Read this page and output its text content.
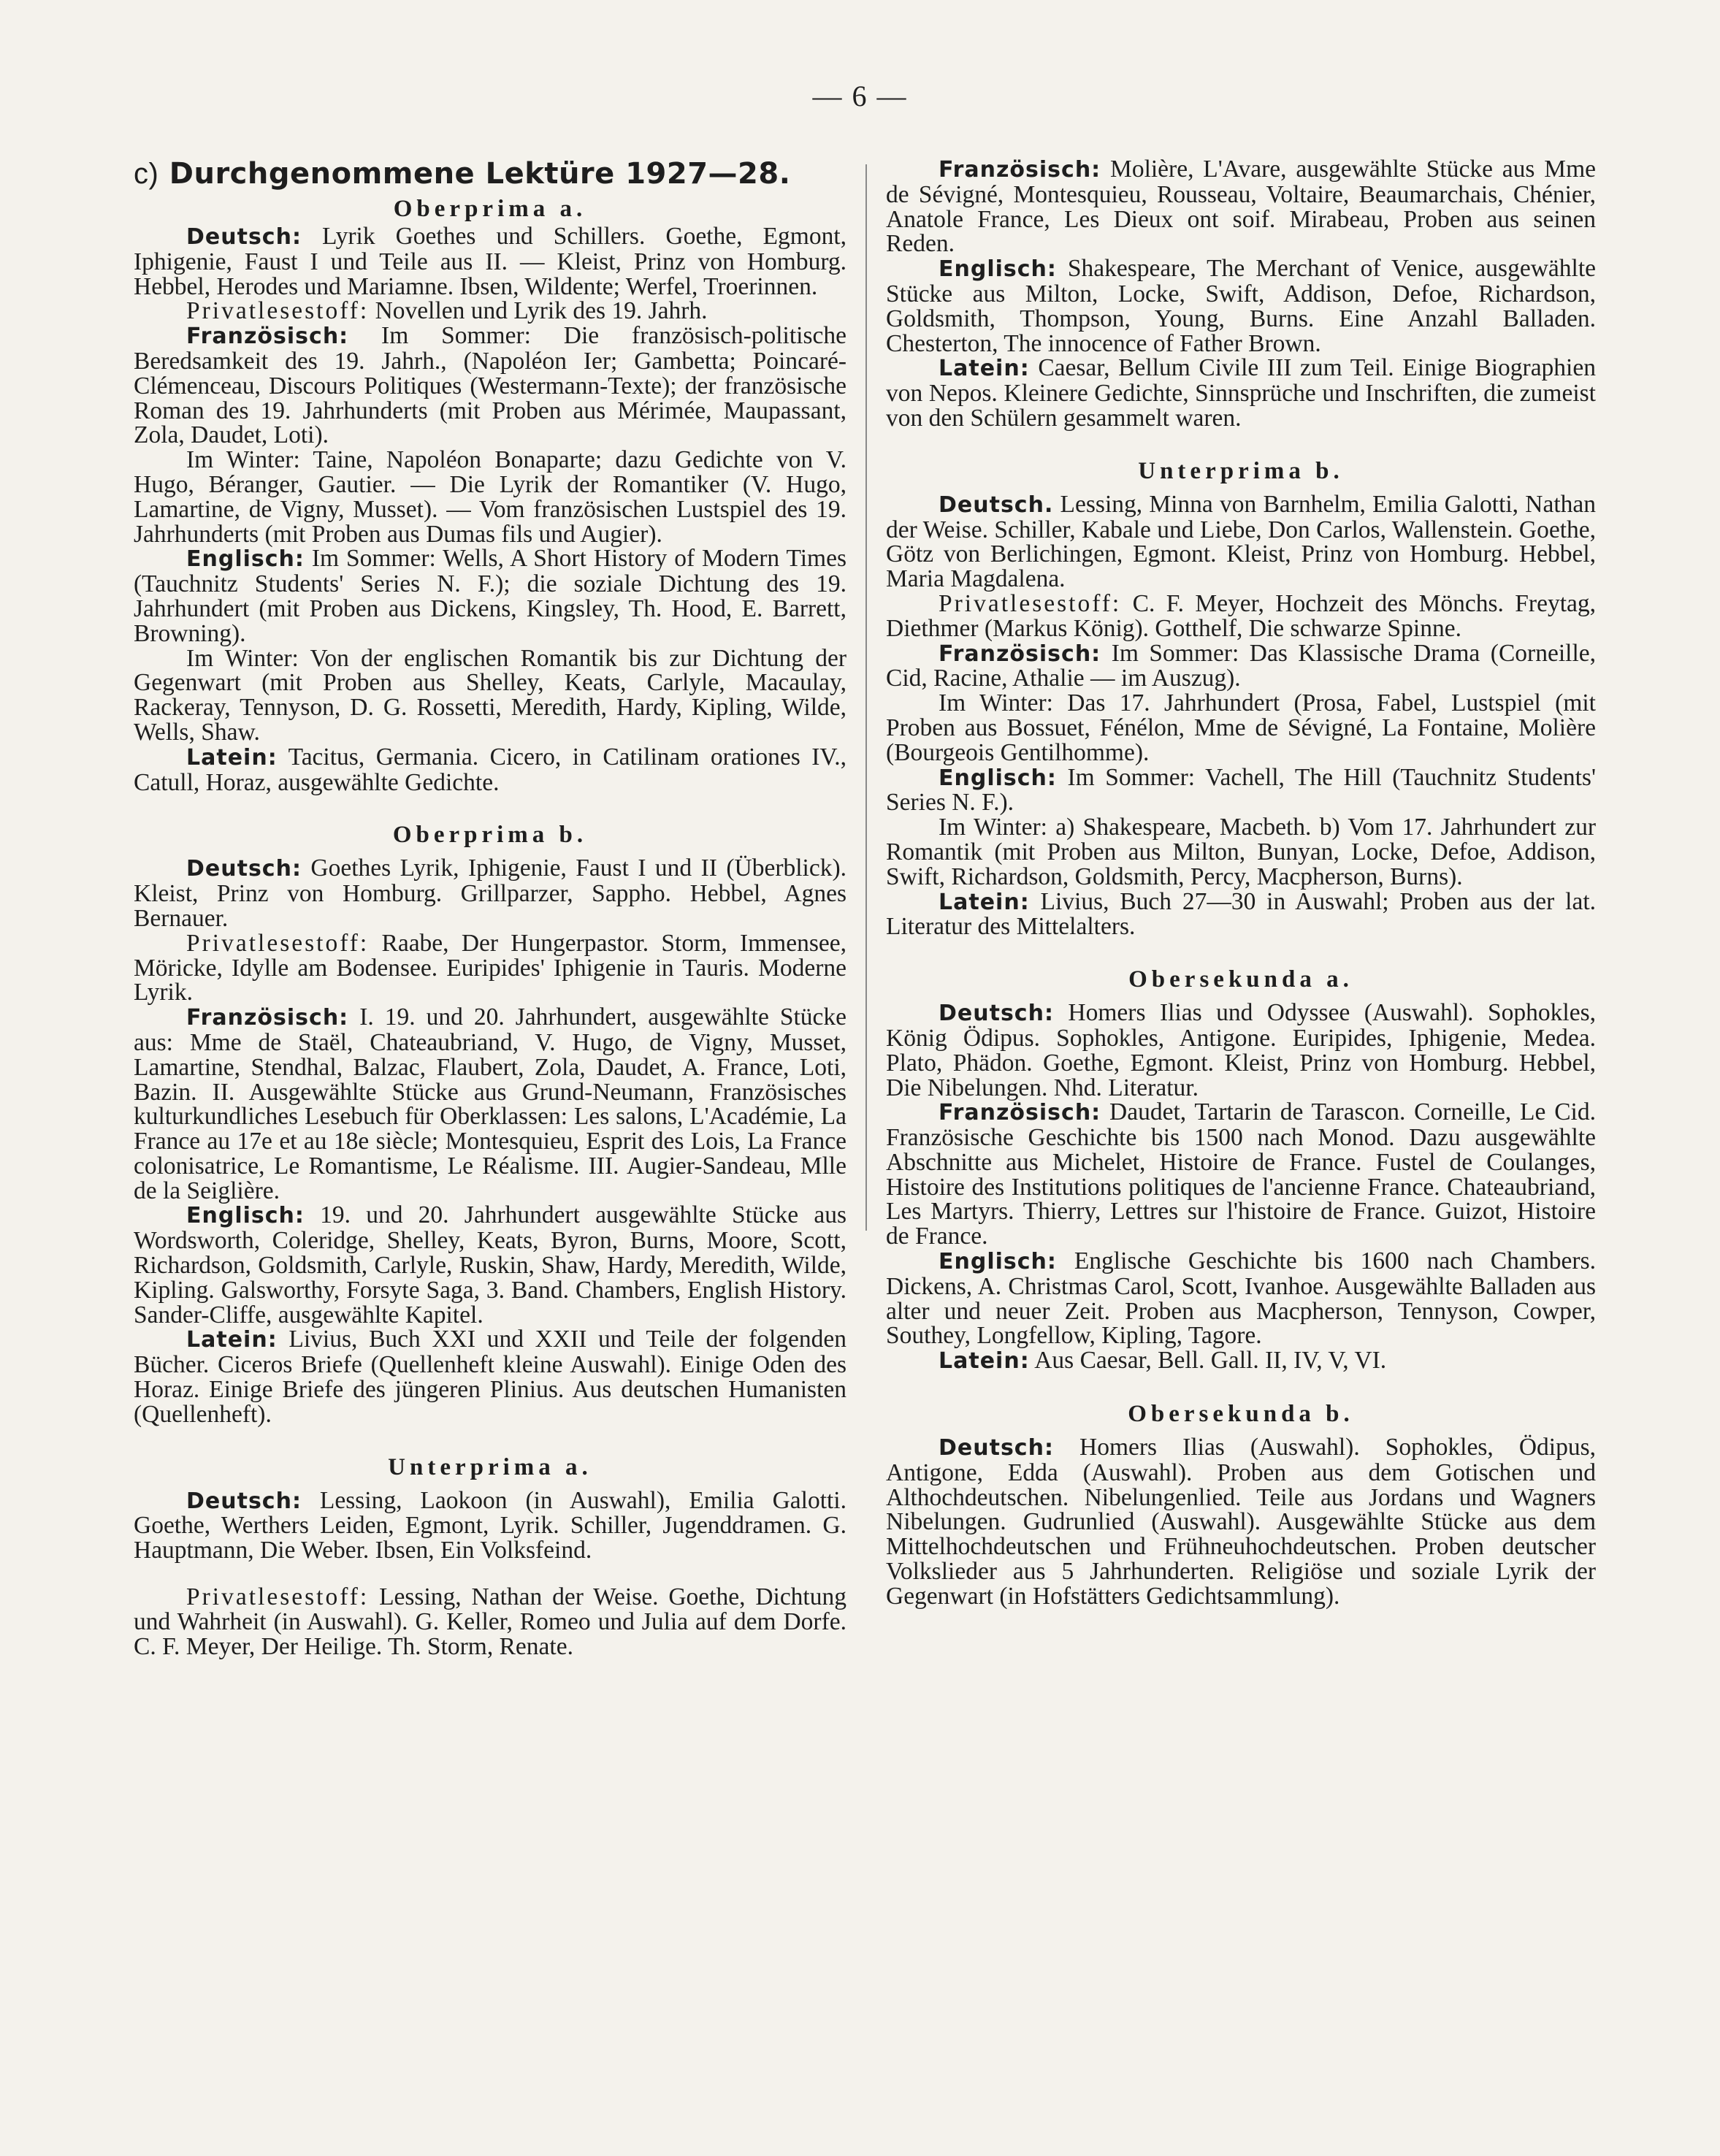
— 6 —
c) Durchgenommene Lektüre 1927—28.
Oberprima a.

Deutsch: Lyrik Goethes und Schillers. Goethe, Egmont, Iphigenie, Faust I und Teile aus II. — Kleist, Prinz von Homburg. Hebbel, Herodes und Mariamne. Ibsen, Wildente; Werfel, Troerinnen.

Privatlesestoff: Novellen und Lyrik des 19. Jahrh.

Französisch: Im Sommer: Die französisch-politische Beredsamkeit des 19. Jahrh., (Napoléon Ier; Gambetta; Poincaré-Clémenceau, Discours Politiques (Westermann-Texte); der französische Roman des 19. Jahrhunderts (mit Proben aus Mérimée, Maupassant, Zola, Daudet, Loti).

Im Winter: Taine, Napoléon Bonaparte; dazu Gedichte von V. Hugo, Béranger, Gautier. — Die Lyrik der Romantiker (V. Hugo, Lamartine, de Vigny, Musset). — Vom französischen Lustspiel des 19. Jahrhunderts (mit Proben aus Dumas fils und Augier).

Englisch: Im Sommer: Wells, A Short History of Modern Times (Tauchnitz Students' Series N. F.); die soziale Dichtung des 19. Jahrhundert (mit Proben aus Dickens, Kingsley, Th. Hood, E. Barrett, Browning).

Im Winter: Von der englischen Romantik bis zur Dichtung der Gegenwart (mit Proben aus Shelley, Keats, Carlyle, Macaulay, Rackeray, Tennyson, D. G. Rossetti, Meredith, Hardy, Kipling, Wilde, Wells, Shaw.

Latein: Tacitus, Germania. Cicero, in Catilinam orationes IV., Catull, Horaz, ausgewählte Gedichte.

Oberprima b.

Deutsch: Goethes Lyrik, Iphigenie, Faust I und II (Überblick). Kleist, Prinz von Homburg. Grillparzer, Sappho. Hebbel, Agnes Bernauer.

Privatlesestoff: Raabe, Der Hungerpastor. Storm, Immensee, Möricke, Idylle am Bodensee. Euripides' Iphigenie in Tauris. Moderne Lyrik.

Französisch: I. 19. und 20. Jahrhundert, ausgewählte Stücke aus: Mme de Staël, Chateaubriand, V. Hugo, de Vigny, Musset, Lamartine, Stendhal, Balzac, Flaubert, Zola, Daudet, A. France, Loti, Bazin. II. Ausgewählte Stücke aus Grund-Neumann, Französisches kulturkundliches Lesebuch für Oberklassen: Les salons, L'Académie, La France au 17e et au 18e siècle; Montesquieu, Esprit des Lois, La France colonisatrice, Le Romantisme, Le Réalisme. III. Augier-Sandeau, Mlle de la Seiglière.

Englisch: 19. und 20. Jahrhundert ausgewählte Stücke aus Wordsworth, Coleridge, Shelley, Keats, Byron, Burns, Moore, Scott, Richardson, Goldsmith, Carlyle, Ruskin, Shaw, Hardy, Meredith, Wilde, Kipling. Galsworthy, Forsyte Saga, 3. Band. Chambers, English History. Sander-Cliffe, ausgewählte Kapitel.

Latein: Livius, Buch XXI und XXII und Teile der folgenden Bücher. Ciceros Briefe (Quellenheft kleine Auswahl). Einige Oden des Horaz. Einige Briefe des jüngeren Plinius. Aus deutschen Humanisten (Quellenheft).

Unterprima a.

Deutsch: Lessing, Laokoon (in Auswahl), Emilia Galotti. Goethe, Werthers Leiden, Egmont, Lyrik. Schiller, Jugenddramen. G. Hauptmann, Die Weber. Ibsen, Ein Volksfeind.

Privatlesestoff: Lessing, Nathan der Weise. Goethe, Dichtung und Wahrheit (in Auswahl). G. Keller, Romeo und Julia auf dem Dorfe. C. F. Meyer, Der Heilige. Th. Storm, Renate.

Französisch: Molière, L'Avare, ausgewählte Stücke aus Mme de Sévigné, Montesquieu, Rousseau, Voltaire, Beaumarchais, Chénier, Anatole France, Les Dieux ont soif. Mirabeau, Proben aus seinen Reden.

Englisch: Shakespeare, The Merchant of Venice, ausgewählte Stücke aus Milton, Locke, Swift, Addison, Defoe, Richardson, Goldsmith, Thompson, Young, Burns. Eine Anzahl Balladen. Chesterton, The innocence of Father Brown.

Latein: Caesar, Bellum Civile III zum Teil. Einige Biographien von Nepos. Kleinere Gedichte, Sinnsprüche und Inschriften, die zumeist von den Schülern gesammelt waren.

Unterprima b.

Deutsch. Lessing, Minna von Barnhelm, Emilia Galotti, Nathan der Weise. Schiller, Kabale und Liebe, Don Carlos, Wallenstein. Goethe, Götz von Berlichingen, Egmont. Kleist, Prinz von Homburg. Hebbel, Maria Magdalena.

Privatlesestoff: C. F. Meyer, Hochzeit des Mönchs. Freytag, Diethmer (Markus König). Gotthelf, Die schwarze Spinne.

Französisch: Im Sommer: Das Klassische Drama (Corneille, Cid, Racine, Athalie — im Auszug).

Im Winter: Das 17. Jahrhundert (Prosa, Fabel, Lustspiel (mit Proben aus Bossuet, Fénélon, Mme de Sévigné, La Fontaine, Molière (Bourgeois Gentilhomme).

Englisch: Im Sommer: Vachell, The Hill (Tauchnitz Students' Series N. F.).

Im Winter: a) Shakespeare, Macbeth. b) Vom 17. Jahrhundert zur Romantik (mit Proben aus Milton, Bunyan, Locke, Defoe, Addison, Swift, Richardson, Goldsmith, Percy, Macpherson, Burns).

Latein: Livius, Buch 27—30 in Auswahl; Proben aus der lat. Literatur des Mittelalters.

Obersekunda a.

Deutsch: Homers Ilias und Odyssee (Auswahl). Sophokles, König Ödipus. Sophokles, Antigone. Euripides, Iphigenie, Medea. Plato, Phädon. Goethe, Egmont. Kleist, Prinz von Homburg. Hebbel, Die Nibelungen. Nhd. Literatur.

Französisch: Daudet, Tartarin de Tarascon. Corneille, Le Cid. Französische Geschichte bis 1500 nach Monod. Dazu ausgewählte Abschnitte aus Michelet, Histoire de France. Fustel de Coulanges, Histoire des Institutions politiques de l'ancienne France. Chateaubriand, Les Martyrs. Thierry, Lettres sur l'histoire de France. Guizot, Histoire de France.

Englisch: Englische Geschichte bis 1600 nach Chambers. Dickens, A. Christmas Carol, Scott, Ivanhoe. Ausgewählte Balladen aus alter und neuer Zeit. Proben aus Macpherson, Tennyson, Cowper, Southey, Longfellow, Kipling, Tagore.

Latein: Aus Caesar, Bell. Gall. II, IV, V, VI.

Obersekunda b.

Deutsch: Homers Ilias (Auswahl). Sophokles, Ödipus, Antigone, Edda (Auswahl). Proben aus dem Gotischen und Althochdeutschen. Nibelungenlied. Teile aus Jordans und Wagners Nibelungen. Gudrunlied (Auswahl). Ausgewählte Stücke aus dem Mittelhochdeutschen und Frühneuhochdeutschen. Proben deutscher Volkslieder aus 5 Jahrhunderten. Religiöse und soziale Lyrik der Gegenwart (in Hofstätters Gedichtsammlung).
